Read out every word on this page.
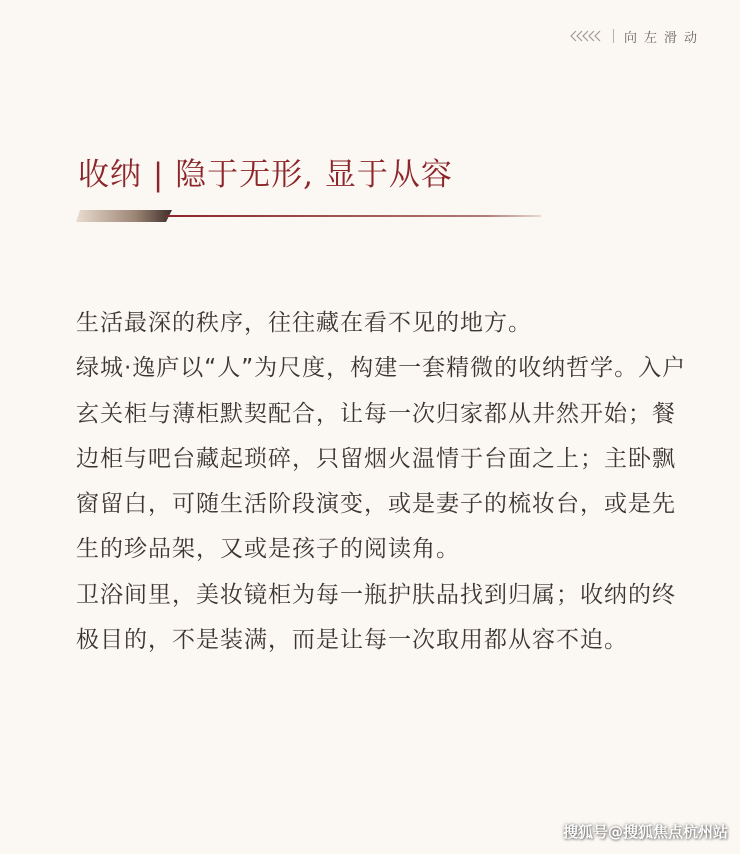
向左滑动
收纳 | 隐于无形, 显于从容

生活最深的秩序，往往藏在看不见的地方。

绿城·逸庐以“人”为尺度，构建一套精微的收纳哲学。入户玄关柜与薄柜默契配合，让每一次归家都从井然开始；餐边柜与吧台藏起琐碎，只留烟火温情于台面之上；主卧飘窗留白，可随生活阶段演变，或是妻子的梳妆台，或是先生的珍品架，又或是孩子的阅读角。

卫浴间里，美妆镜柜为每一瓶护肤品找到归属；收纳的终极目的，不是装满，而是让每一次取用都从容不迫。

搜狐号@搜狐焦点杭州站
